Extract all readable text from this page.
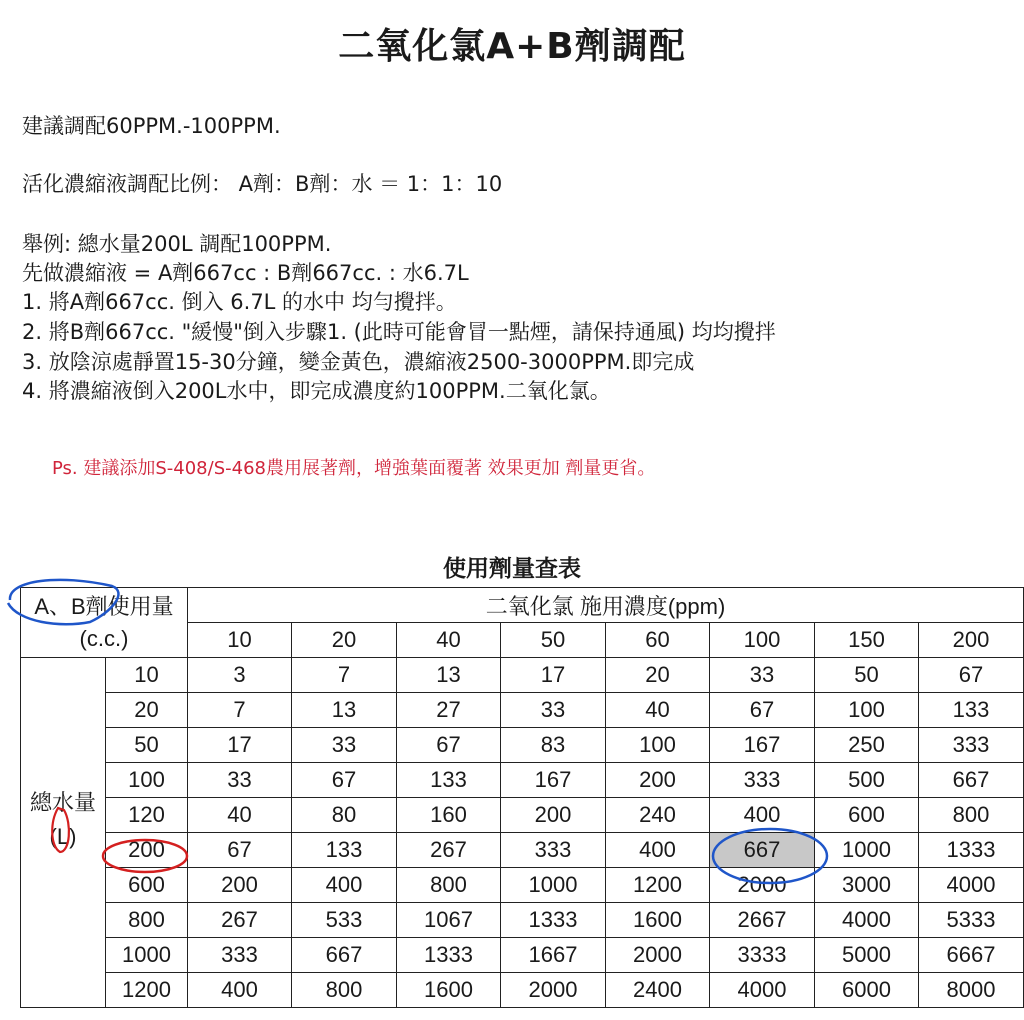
二氧化氯A+B劑調配
建議調配60PPM.-100PPM.
活化濃縮液調配比例： A劑：B劑：水 ＝ 1：1：10
舉例: 總水量200L 調配100PPM.
先做濃縮液 = A劑667cc : B劑667cc. : 水6.7L
1. 將A劑667cc. 倒入 6.7L 的水中 均勻攪拌。
2. 將B劑667cc. "緩慢"倒入步驟1. (此時可能會冒一點煙，請保持通風) 均均攪拌
3. 放陰涼處靜置15-30分鐘，變金黃色，濃縮液2500-3000PPM.即完成
4. 將濃縮液倒入200L水中，即完成濃度約100PPM.二氧化氯。
Ps. 建議添加S-408/S-468農用展著劑，增強葉面覆著 效果更加 劑量更省。
使用劑量查表
A、B劑使用量
(c.c.)		二氧化氯 施用濃度(ppm)							
		10	20	40	50	60	100	150	200

總水量
(L)	10	3	7	13	17	20	33	50	67
	20	7	13	27	33	40	67	100	133
	50	17	33	67	83	100	167	250	333
	100	33	67	133	167	200	333	500	667
	120	40	80	160	200	240	400	600	800
	200	67	133	267	333	400	667	1000	1333
	600	200	400	800	1000	1200	2000	3000	4000
	800	267	533	1067	1333	1600	2667	4000	5333
	1000	333	667	1333	1667	2000	3333	5000	6667
	1200	400	800	1600	2000	2400	4000	6000	8000
